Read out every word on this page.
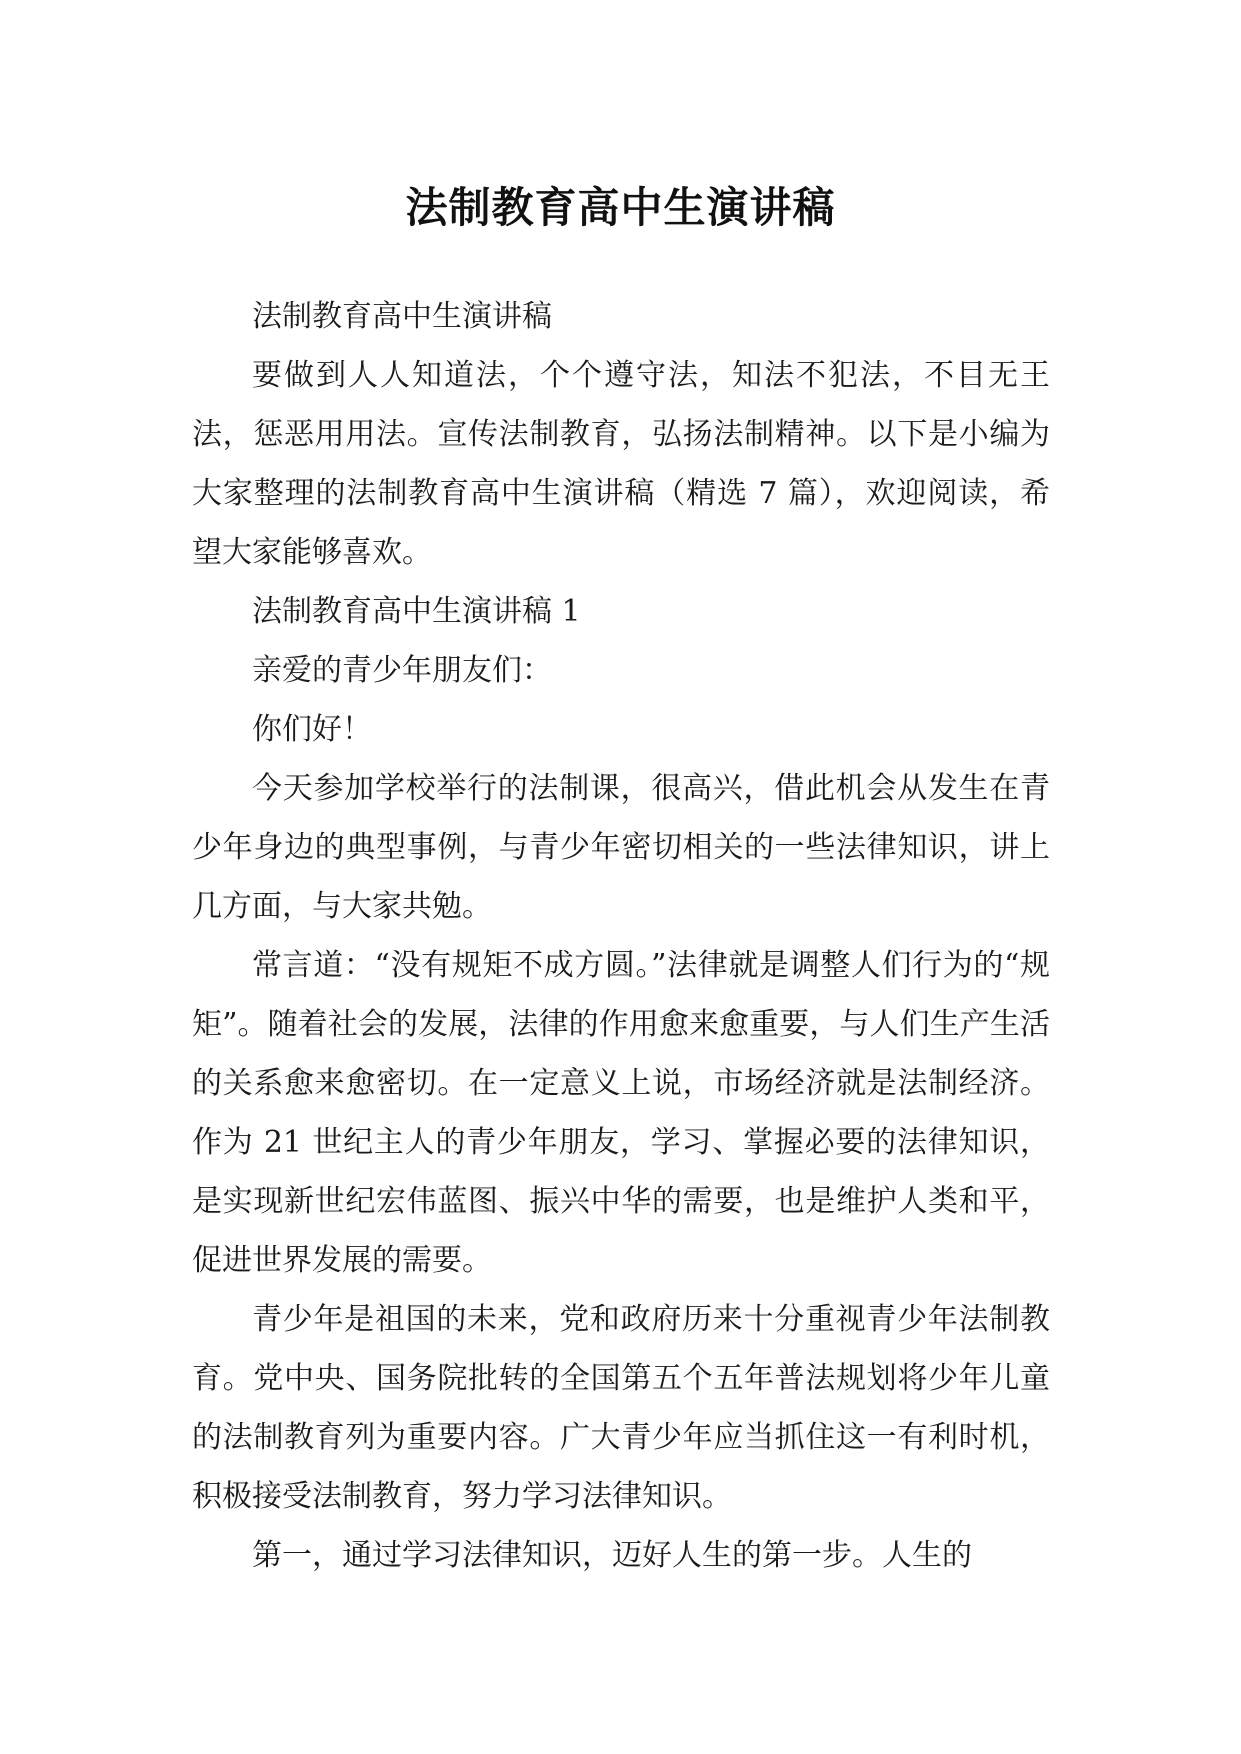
法制教育高中生演讲稿

法制教育高中生演讲稿

要做到人人知道法，个个遵守法，知法不犯法，不目无王法，惩恶用用法。宣传法制教育，弘扬法制精神。以下是小编为大家整理的法制教育高中生演讲稿（精选 7 篇），欢迎阅读，希望大家能够喜欢。

法制教育高中生演讲稿 1

亲爱的青少年朋友们：

你们好！

今天参加学校举行的法制课，很高兴，借此机会从发生在青少年身边的典型事例，与青少年密切相关的一些法律知识，讲上几方面，与大家共勉。

常言道：“没有规矩不成方圆。”法律就是调整人们行为的“规矩”。随着社会的发展，法律的作用愈来愈重要，与人们生产生活的关系愈来愈密切。在一定意义上说，市场经济就是法制经济。作为 21 世纪主人的青少年朋友，学习、掌握必要的法律知识，是实现新世纪宏伟蓝图、振兴中华的需要，也是维护人类和平，促进世界发展的需要。

青少年是祖国的未来，党和政府历来十分重视青少年法制教育。党中央、国务院批转的全国第五个五年普法规划将少年儿童的法制教育列为重要内容。广大青少年应当抓住这一有利时机，积极接受法制教育，努力学习法律知识。

第一，通过学习法律知识，迈好人生的第一步。人生的
